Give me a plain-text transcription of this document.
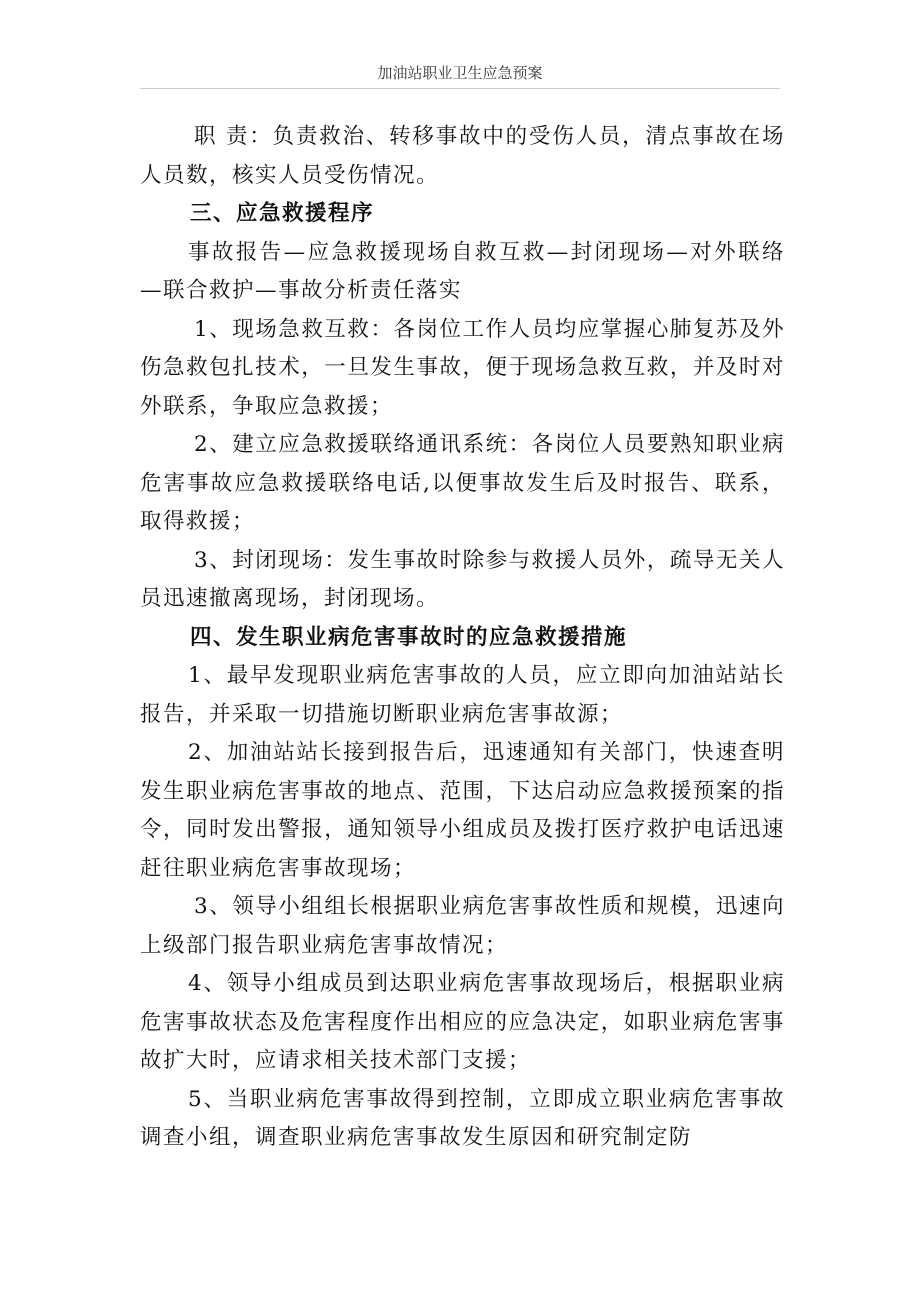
加油站职业卫生应急预案

职 责：负责救治、转移事故中的受伤人员，清点事故在场人员数，核实人员受伤情况。

三、应急救援程序

事故报告—应急救援现场自救互救—封闭现场—对外联络—联合救护—事故分析责任落实

1、现场急救互救：各岗位工作人员均应掌握心肺复苏及外伤急救包扎技术，一旦发生事故，便于现场急救互救，并及时对外联系，争取应急救援；

2、建立应急救援联络通讯系统：各岗位人员要熟知职业病危害事故应急救援联络电话,以便事故发生后及时报告、联系，取得救援；

3、封闭现场：发生事故时除参与救援人员外，疏导无关人员迅速撤离现场，封闭现场。

四、发生职业病危害事故时的应急救援措施

1、最早发现职业病危害事故的人员，应立即向加油站站长报告，并采取一切措施切断职业病危害事故源；

2、加油站站长接到报告后，迅速通知有关部门，快速查明发生职业病危害事故的地点、范围，下达启动应急救援预案的指令，同时发出警报，通知领导小组成员及拨打医疗救护电话迅速赶往职业病危害事故现场；

3、领导小组组长根据职业病危害事故性质和规模，迅速向上级部门报告职业病危害事故情况；

4、领导小组成员到达职业病危害事故现场后，根据职业病危害事故状态及危害程度作出相应的应急决定，如职业病危害事故扩大时，应请求相关技术部门支援；

5、当职业病危害事故得到控制，立即成立职业病危害事故调查小组，调查职业病危害事故发生原因和研究制定防
